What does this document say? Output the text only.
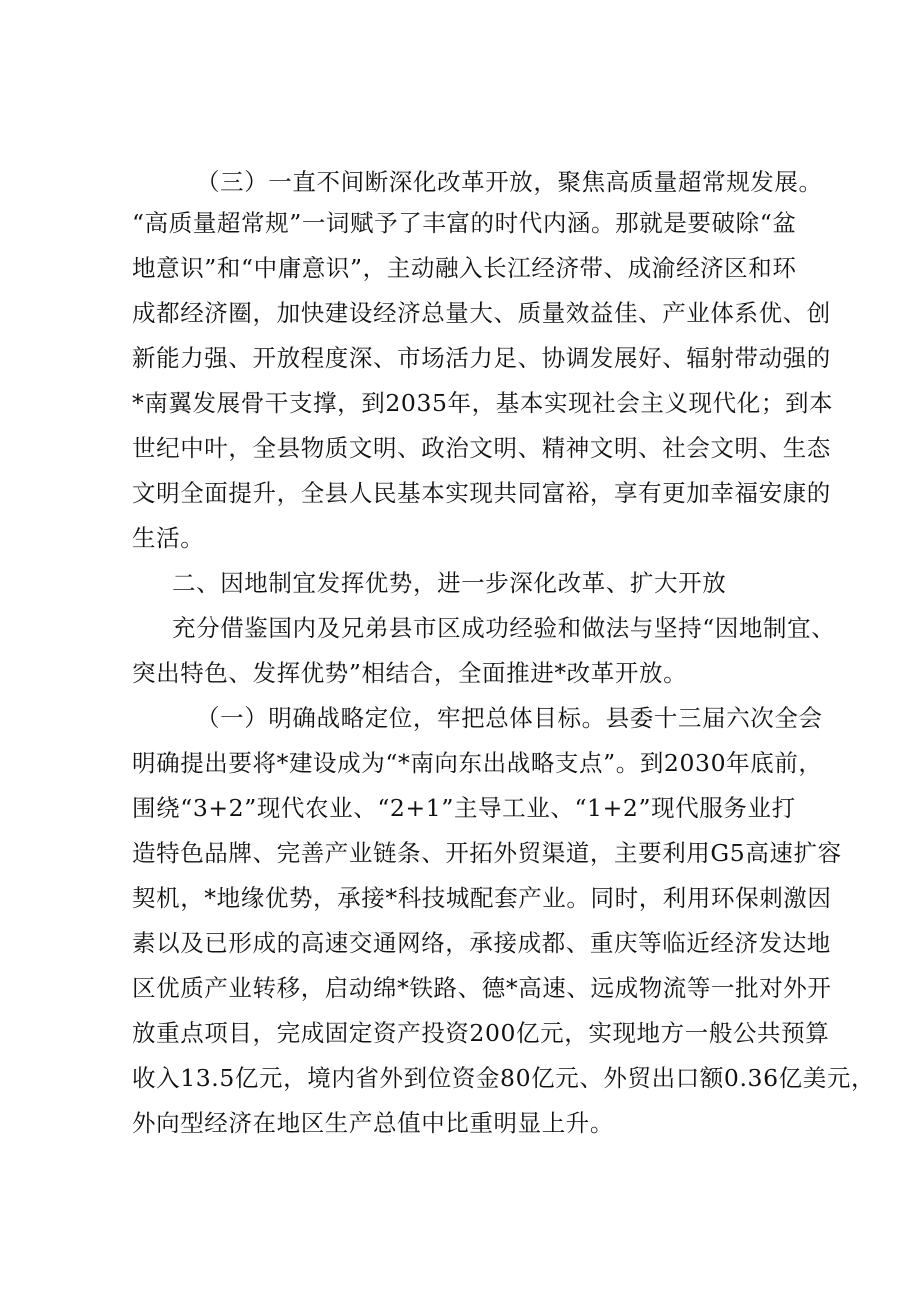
（三）一直不间断深化改革开放，聚焦高质量超常规发展。
“高质量超常规”一词赋予了丰富的时代内涵。那就是要破除“盆
地意识”和“中庸意识”，主动融入长江经济带、成渝经济区和环
成都经济圈，加快建设经济总量大、质量效益佳、产业体系优、创
新能力强、开放程度深、市场活力足、协调发展好、辐射带动强的
*南翼发展骨干支撑，到2035年，基本实现社会主义现代化；到本
世纪中叶，全县物质文明、政治文明、精神文明、社会文明、生态
文明全面提升，全县人民基本实现共同富裕，享有更加幸福安康的
生活。
二、因地制宜发挥优势，进一步深化改革、扩大开放
充分借鉴国内及兄弟县市区成功经验和做法与坚持“因地制宜、
突出特色、发挥优势”相结合，全面推进*改革开放。
（一）明确战略定位，牢把总体目标。县委十三届六次全会
明确提出要将*建设成为“*南向东出战略支点”。到2030年底前，
围绕“3+2”现代农业、“2+1”主导工业、“1+2”现代服务业打
造特色品牌、完善产业链条、开拓外贸渠道，主要利用G5高速扩容
契机，*地缘优势，承接*科技城配套产业。同时，利用环保刺激因
素以及已形成的高速交通网络，承接成都、重庆等临近经济发达地
区优质产业转移，启动绵*铁路、德*高速、远成物流等一批对外开
放重点项目，完成固定资产投资200亿元，实现地方一般公共预算
收入13.5亿元，境内省外到位资金80亿元、外贸出口额0.36亿美元，
外向型经济在地区生产总值中比重明显上升。
